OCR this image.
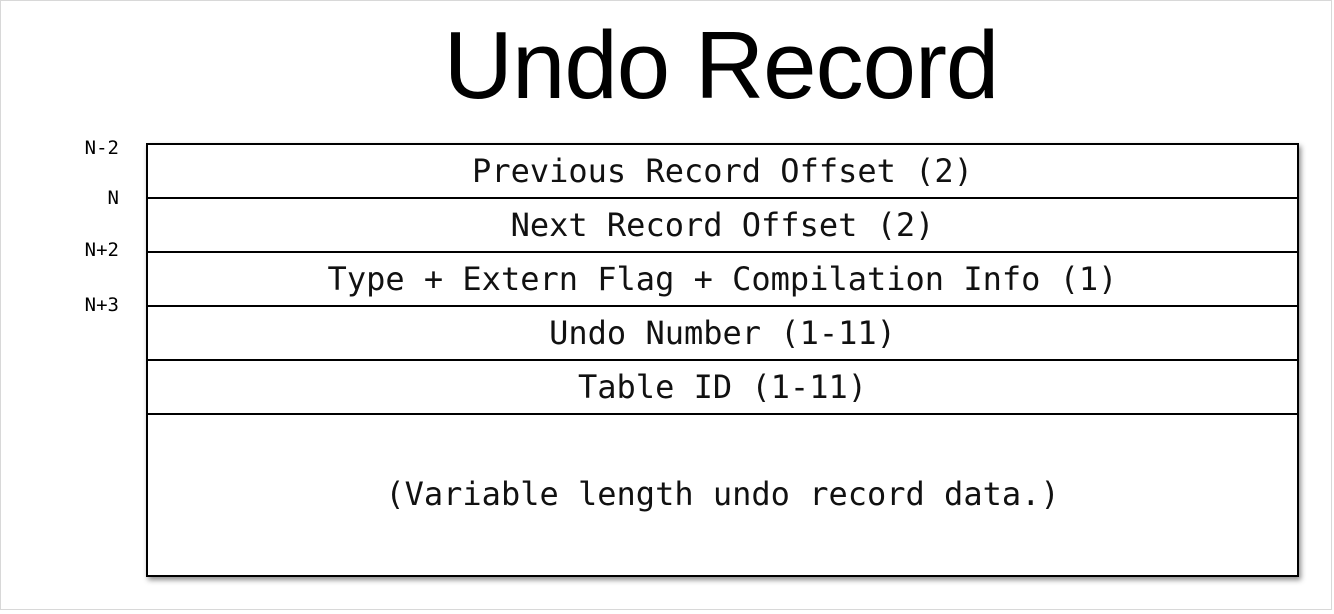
Undo Record
N-2
N
N+2
N+3
Previous Record Offset (2)
Next Record Offset (2)
Type + Extern Flag + Compilation Info (1)
Undo Number (1-11)
Table ID (1-11)
(Variable length undo record data.)
